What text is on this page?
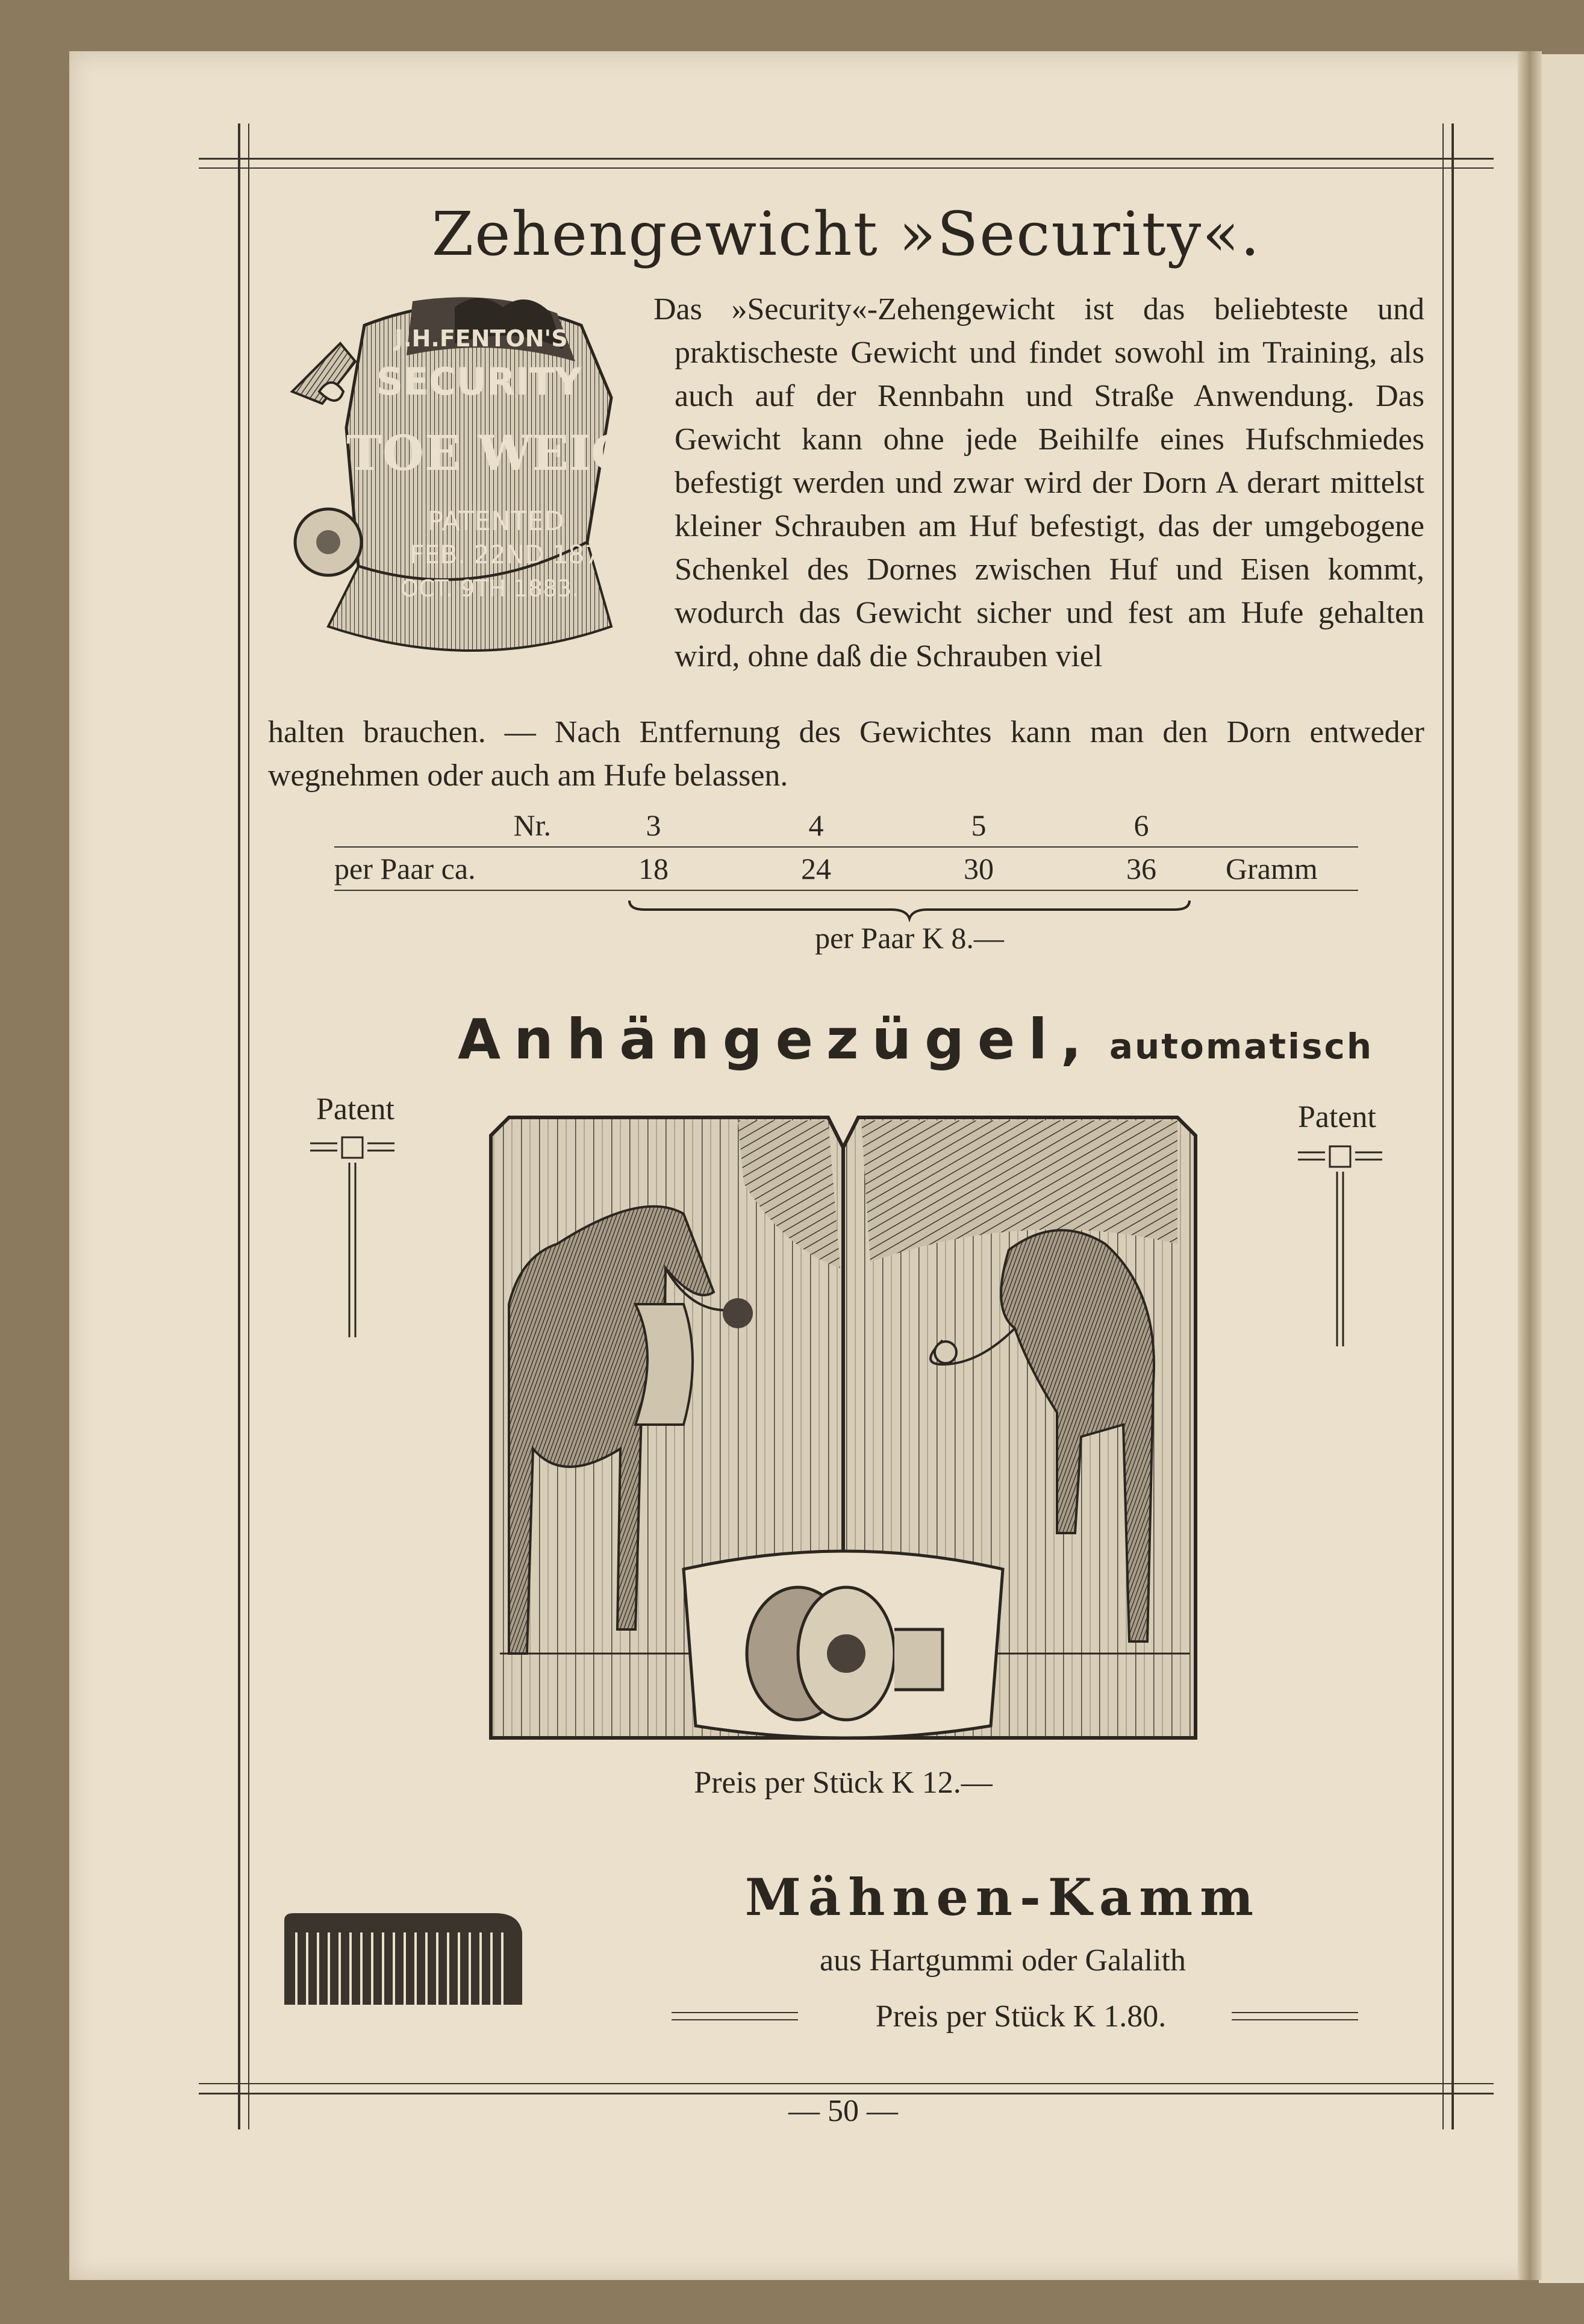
Zehengewicht »Security«.
J.H.FENTON'S
SECURITY
TOE WEIGHT
PATENTED
FEB. 22ND 1876.
OCT. 9TH 1883.
Das »Security«-Zehengewicht ist das beliebteste und praktischeste Gewicht und findet sowohl im Training, als auch auf der Rennbahn und Straße Anwendung. Das Gewicht kann ohne jede Beihilfe eines Hufschmiedes befestigt werden und zwar wird der Dorn A derart mittelst kleiner Schrauben am Huf befestigt, das der umgebogene Schenkel des Dornes zwischen Huf und Eisen kommt, wodurch das Gewicht sicher und fest am Hufe gehalten wird, ohne daß die Schrauben viel
halten brauchen. — Nach Entfernung des Gewichtes kann man den Dorn entweder wegnehmen oder auch am Hufe belassen.
Nr.	3	4	5	6	
per Paar ca.	18	24	30	36	Gramm
per Paar K 8.—
Anhängezügel, automatisch
Patent	Patent
Preis per Stück K 12.—
Mähnen-Kamm
aus Hartgummi oder Galalith
Preis per Stück K 1.80.
— 50 —
